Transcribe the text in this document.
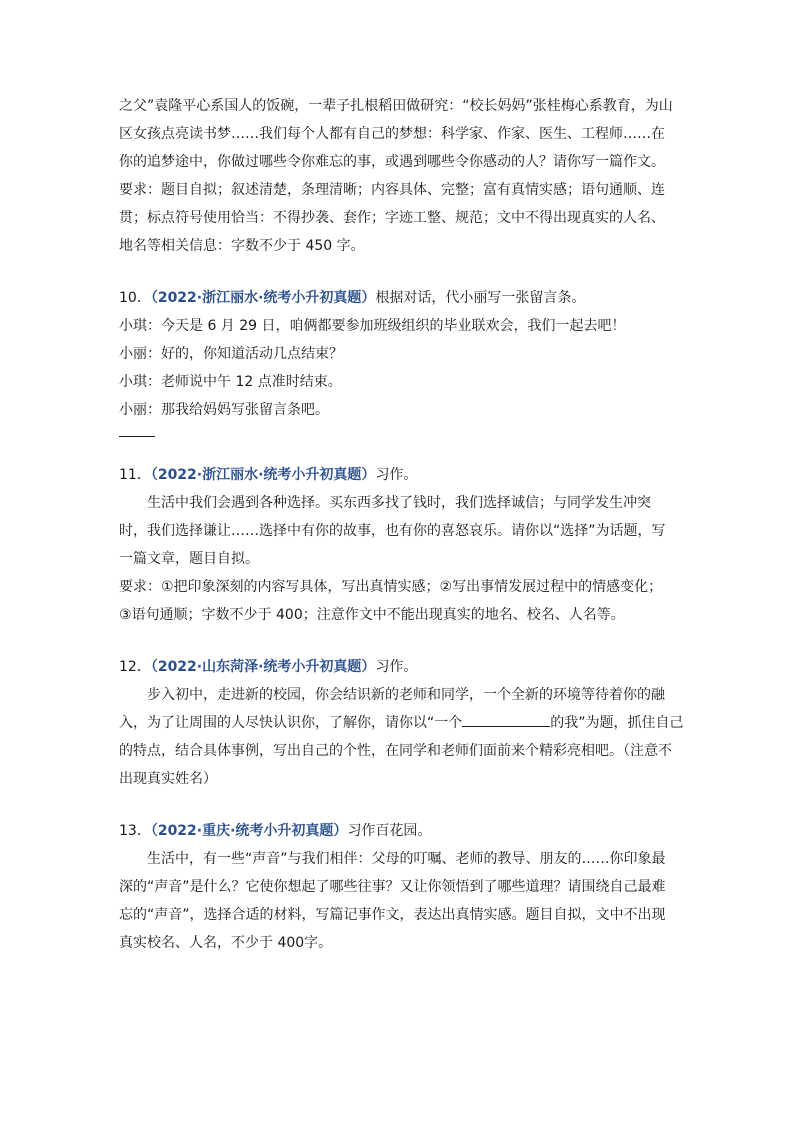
之父”袁隆平心系国人的饭碗，一辈子扎根稻田做研究：“校长妈妈”张桂梅心系教育，为山
区女孩点亮读书梦……我们每个人都有自己的梦想：科学家、作家、医生、工程师……在
你的追梦途中，你做过哪些令你难忘的事，或遇到哪些令你感动的人？请你写一篇作文。
要求：题目自拟；叙述清楚，条理清晰；内容具体、完整；富有真情实感；语句通顺、连
贯；标点符号使用恰当：不得抄袭、套作；字迹工整、规范；文中不得出现真实的人名、
地名等相关信息：字数不少于 450 字。
10．（2022·浙江丽水·统考小升初真题）根据对话，代小丽写一张留言条。
小琪：今天是 6 月 29 日，咱俩都要参加班级组织的毕业联欢会，我们一起去吧！
小丽：好的，你知道活动几点结束？
小琪：老师说中午 12 点准时结束。
小丽：那我给妈妈写张留言条吧。
11．（2022·浙江丽水·统考小升初真题）习作。
生活中我们会遇到各种选择。买东西多找了钱时，我们选择诚信；与同学发生冲突
时，我们选择谦让……选择中有你的故事，也有你的喜怒哀乐。请你以“选择”为话题，写
一篇文章，题目自拟。
要求：①把印象深刻的内容写具体，写出真情实感；②写出事情发展过程中的情感变化；
③语句通顺；字数不少于 400；注意作文中不能出现真实的地名、校名、人名等。
12．（2022·山东菏泽·统考小升初真题）习作。
步入初中，走进新的校园，你会结识新的老师和同学，一个全新的环境等待着你的融
入，为了让周围的人尽快认识你，了解你，请你以“一个	的我”为题，抓住自己
的特点，结合具体事例，写出自己的个性，在同学和老师们面前来个精彩亮相吧。（注意不
出现真实姓名）
13．（2022·重庆·统考小升初真题）习作百花园。
生活中，有一些“声音”与我们相伴：父母的叮嘱、老师的教导、朋友的……你印象最
深的“声音”是什么？它使你想起了哪些往事？又让你领悟到了哪些道理？请围绕自己最难
忘的“声音”，选择合适的材料，写篇记事作文，表达出真情实感。题目自拟，文中不出现
真实校名、人名，不少于 400字。
